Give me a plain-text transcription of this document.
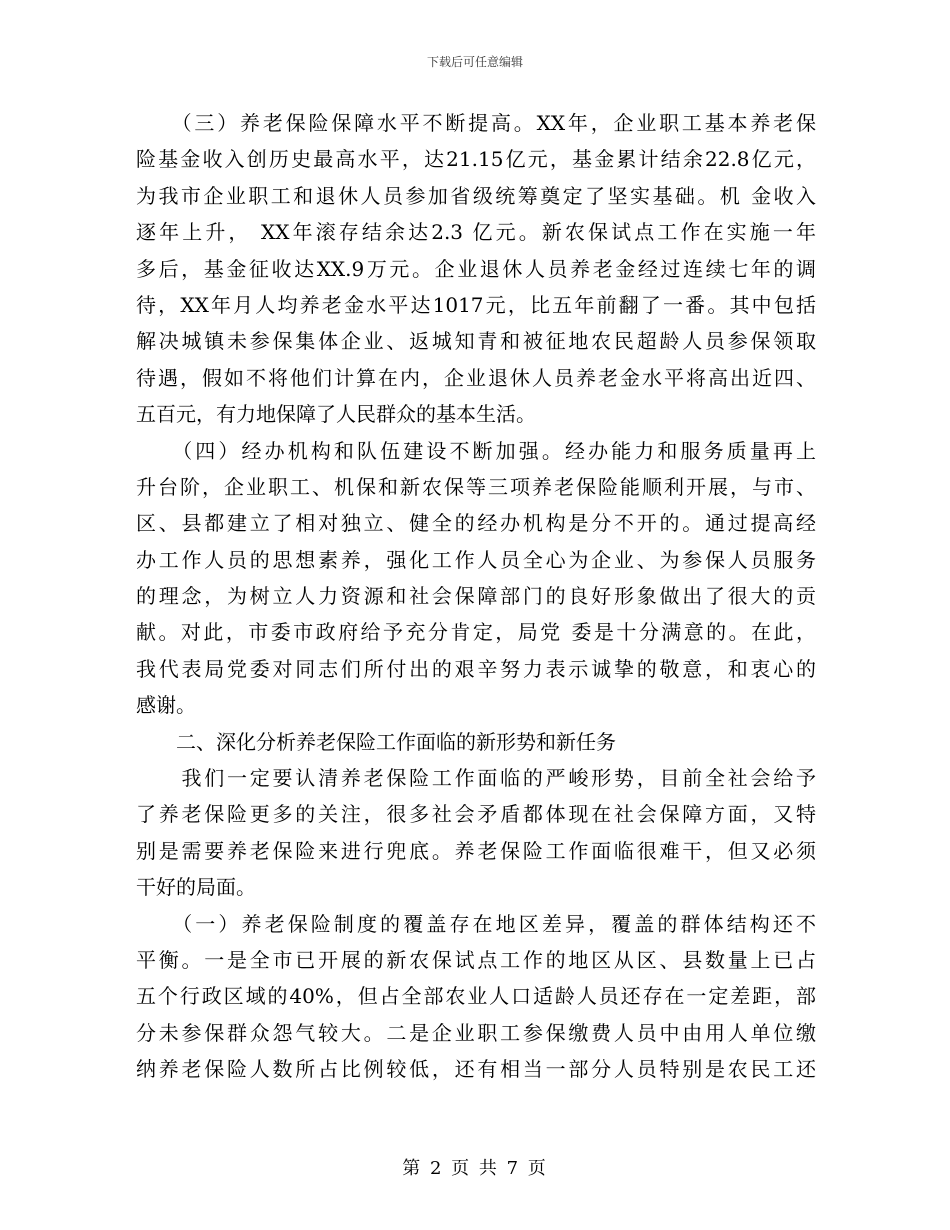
下载后可任意编辑
　　（三）养老保险保障水平不断提高。XX年，企业职工基本养老保
险基金收入创历史最高水平，达21.15亿元，基金累计结余22.8亿元，
为我市企业职工和退休人员参加省级统筹奠定了坚实基础。机 金收入
逐年上升， XX年滚存结余达2.3 亿元。新农保试点工作在实施一年
多后，基金征收达XX.9万元。企业退休人员养老金经过连续七年的调
待，XX年月人均养老金水平达1017元，比五年前翻了一番。其中包括
解决城镇未参保集体企业、返城知青和被征地农民超龄人员参保领取
待遇，假如不将他们计算在内，企业退休人员养老金水平将高出近四、
五百元，有力地保障了人民群众的基本生活。
　　（四）经办机构和队伍建设不断加强。经办能力和服务质量再上
升台阶，企业职工、机保和新农保等三项养老保险能顺利开展，与市、
区、县都建立了相对独立、健全的经办机构是分不开的。通过提高经
办工作人员的思想素养，强化工作人员全心为企业、为参保人员服务
的理念，为树立人力资源和社会保障部门的良好形象做出了很大的贡
献。对此，市委市政府给予充分肯定，局党 委是十分满意的。在此，
我代表局党委对同志们所付出的艰辛努力表示诚挚的敬意，和衷心的
感谢。
　　二、深化分析养老保险工作面临的新形势和新任务
　　我们一定要认清养老保险工作面临的严峻形势，目前全社会给予
了养老保险更多的关注，很多社会矛盾都体现在社会保障方面，又特
别是需要养老保险来进行兜底。养老保险工作面临很难干，但又必须
干好的局面。
　　（一）养老保险制度的覆盖存在地区差异，覆盖的群体结构还不
平衡。一是全市已开展的新农保试点工作的地区从区、县数量上已占
五个行政区域的40%，但占全部农业人口适龄人员还存在一定差距，部
分未参保群众怨气较大。二是企业职工参保缴费人员中由用人单位缴
纳养老保险人数所占比例较低，还有相当一部分人员特别是农民工还
第 2 页 共 7 页
